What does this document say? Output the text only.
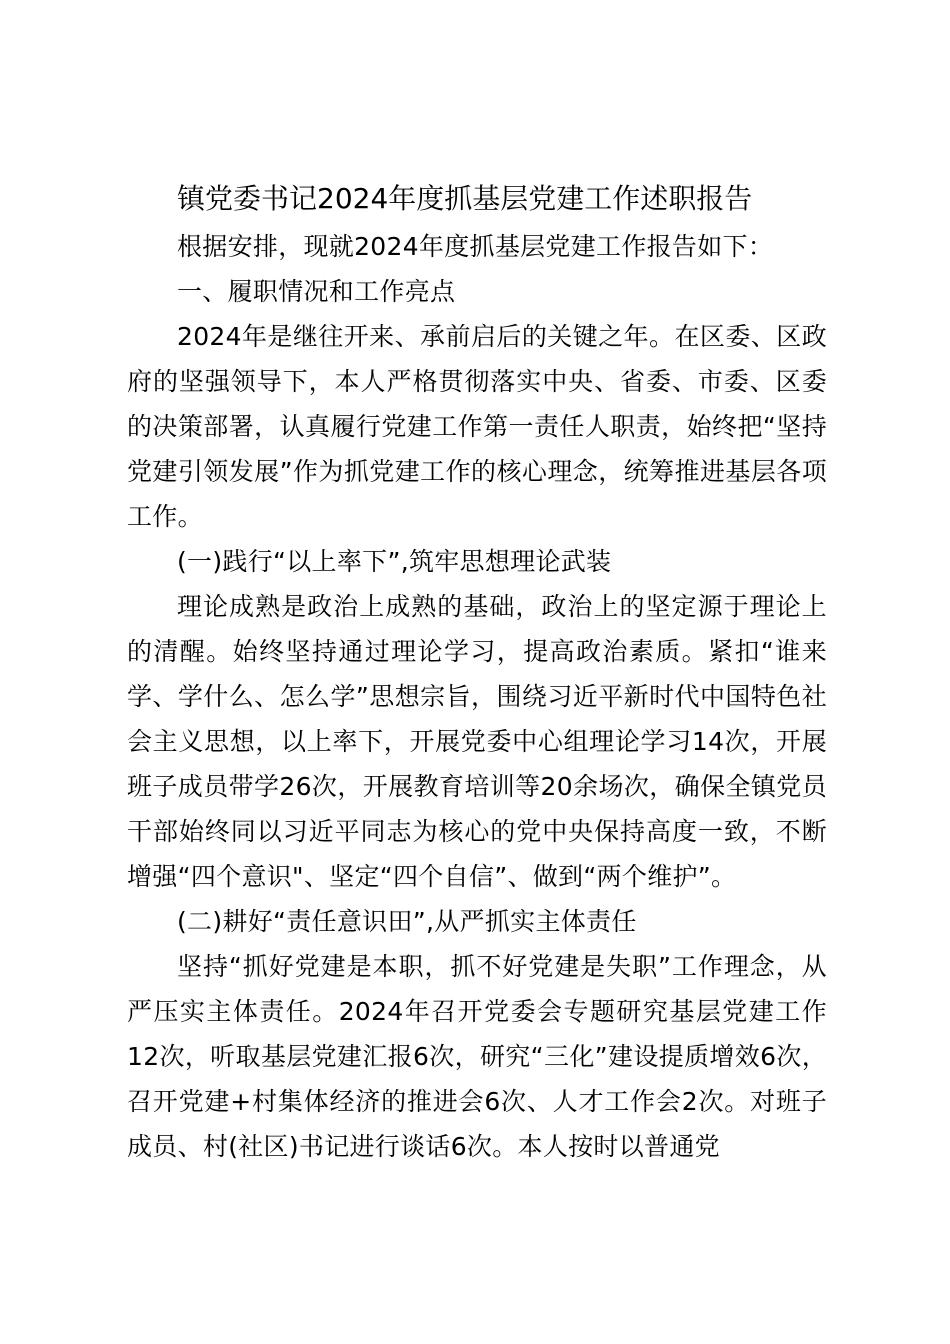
镇党委书记2024年度抓基层党建工作述职报告

根据安排，现就2024年度抓基层党建工作报告如下：

一、履职情况和工作亮点

2024年是继往开来、承前启后的关键之年。在区委、区政府的坚强领导下，本人严格贯彻落实中央、省委、市委、区委的决策部署，认真履行党建工作第一责任人职责，始终把“坚持党建引领发展”作为抓党建工作的核心理念，统筹推进基层各项工作。

(一)践行“以上率下”,筑牢思想理论武装

理论成熟是政治上成熟的基础，政治上的坚定源于理论上的清醒。始终坚持通过理论学习，提高政治素质。紧扣“谁来学、学什么、怎么学”思想宗旨，围绕习近平新时代中国特色社会主义思想，以上率下，开展党委中心组理论学习14次，开展班子成员带学26次，开展教育培训等20余场次，确保全镇党员干部始终同以习近平同志为核心的党中央保持高度一致，不断增强“四个意识"、坚定“四个自信”、做到“两个维护”。

(二)耕好“责任意识田”,从严抓实主体责任

坚持“抓好党建是本职，抓不好党建是失职”工作理念，从严压实主体责任。2024年召开党委会专题研究基层党建工作12次，听取基层党建汇报6次，研究“三化”建设提质增效6次，召开党建+村集体经济的推进会6次、人才工作会2次。对班子成员、村(社区)书记进行谈话6次。本人按时以普通党
